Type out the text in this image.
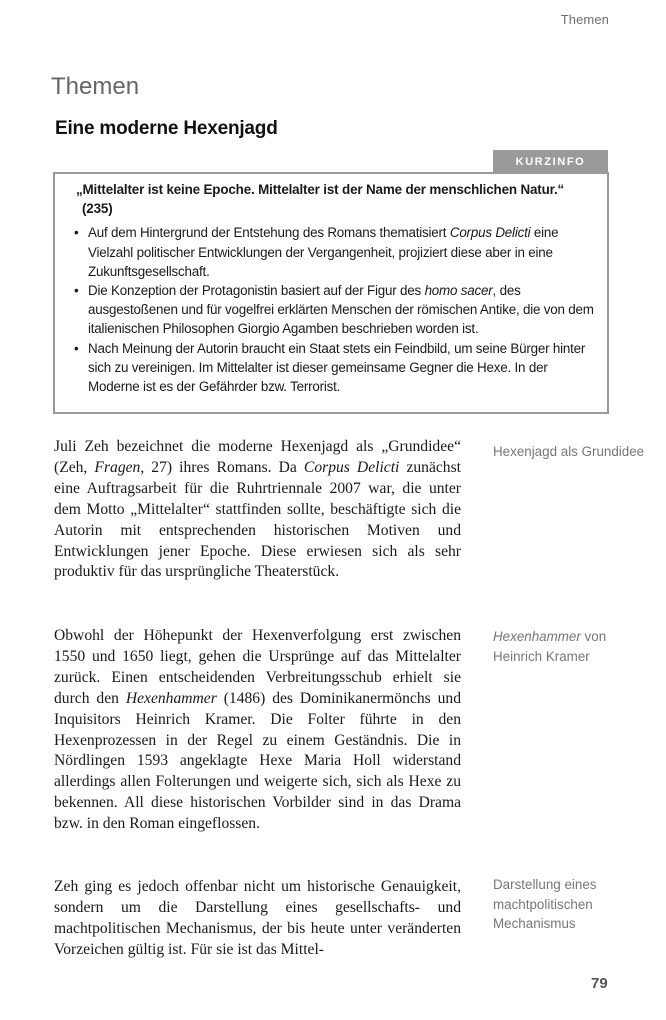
Themen
Themen
Eine moderne Hexenjagd
KURZINFO

„Mittelalter ist keine Epoche. Mittelalter ist der Name der menschlichen Natur.“ (235)

• Auf dem Hintergrund der Entstehung des Romans thematisiert Corpus Delicti eine Vielzahl politischer Entwicklungen der Vergangenheit, projiziert diese aber in eine Zukunftsgesellschaft.
• Die Konzeption der Protagonistin basiert auf der Figur des homo sacer, des ausgestoßenen und für vogelfrei erklärten Menschen der römischen Antike, die von dem italienischen Philosophen Giorgio Agamben beschrieben worden ist.
• Nach Meinung der Autorin braucht ein Staat stets ein Feindbild, um seine Bürger hinter sich zu vereinigen. Im Mittelalter ist dieser gemeinsame Gegner die Hexe. In der Moderne ist es der Gefährder bzw. Terrorist.

Juli Zeh bezeichnet die moderne Hexenjagd als „Grundidee“ (Zeh, Fragen, 27) ihres Romans. Da Corpus Delicti zunächst eine Auftragsarbeit für die Ruhrtriennale 2007 war, die unter dem Motto „Mittelalter“ stattfinden sollte, beschäftigte sich die Autorin mit entsprechenden historischen Motiven und Entwicklungen jener Epoche. Diese erwiesen sich als sehr produktiv für das ursprüngliche Theaterstück.

Obwohl der Höhepunkt der Hexenverfolgung erst zwischen 1550 und 1650 liegt, gehen die Ursprünge auf das Mittelalter zurück. Einen entscheidenden Verbreitungsschub erhielt sie durch den Hexenhammer (1486) des Dominikanermönchs und Inquisitors Heinrich Kramer. Die Folter führte in den Hexenprozessen in der Regel zu einem Geständnis. Die in Nördlingen 1593 angeklagte Hexe Maria Holl widerstand allerdings allen Folterungen und weigerte sich, sich als Hexe zu bekennen. All diese historischen Vorbilder sind in das Drama bzw. in den Roman eingeflossen.

Zeh ging es jedoch offenbar nicht um historische Genauigkeit, sondern um die Darstellung eines gesellschafts- und machtpolitischen Mechanismus, der bis heute unter veränderten Vorzeichen gültig ist. Für sie ist das Mittel-

Hexenjagd als Grundidee
Hexenhammer von Heinrich Kramer
Darstellung eines machtpolitischen Mechanismus
79
